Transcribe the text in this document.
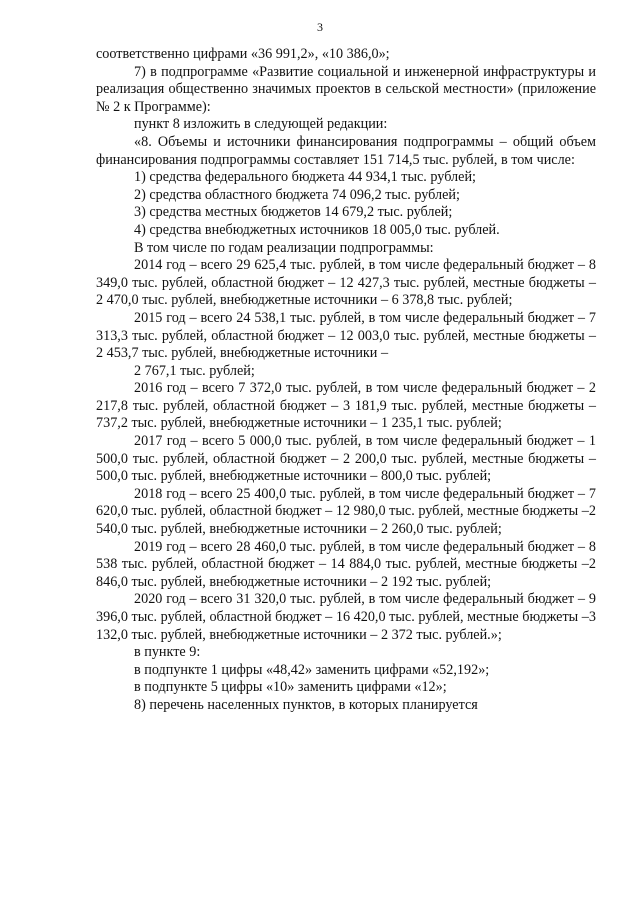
3

соответственно цифрами «36 991,2», «10 386,0»;

7) в подпрограмме «Развитие социальной и инженерной инфраструктуры и реализация общественно значимых проектов в сельской местности» (приложение № 2 к Программе):

пункт 8 изложить в следующей редакции:

«8. Объемы и источники финансирования подпрограммы – общий объем финансирования подпрограммы составляет 151 714,5 тыс. рублей, в том числе:

1) средства федерального бюджета 44 934,1 тыс. рублей;

2) средства областного бюджета 74 096,2 тыс. рублей;

3) средства местных бюджетов 14 679,2 тыс. рублей;

4) средства внебюджетных источников 18 005,0 тыс. рублей.

В том числе по годам реализации подпрограммы:

2014 год – всего 29 625,4 тыс. рублей, в том числе федеральный бюджет – 8 349,0 тыс. рублей, областной бюджет – 12 427,3 тыс. рублей, местные бюджеты – 2 470,0 тыс. рублей, внебюджетные источники – 6 378,8 тыс. рублей;

2015 год – всего 24 538,1 тыс. рублей, в том числе федеральный бюджет – 7 313,3 тыс. рублей, областной бюджет – 12 003,0 тыс. рублей, местные бюджеты – 2 453,7 тыс. рублей, внебюджетные источники –

2 767,1 тыс. рублей;

2016 год – всего 7 372,0 тыс. рублей, в том числе федеральный бюджет – 2 217,8 тыс. рублей, областной бюджет – 3 181,9 тыс. рублей, местные бюджеты – 737,2 тыс. рублей, внебюджетные источники – 1 235,1 тыс. рублей;

2017 год – всего 5 000,0 тыс. рублей, в том числе федеральный бюджет – 1 500,0 тыс. рублей, областной бюджет – 2 200,0 тыс. рублей, местные бюджеты – 500,0 тыс. рублей, внебюджетные источники – 800,0 тыс. рублей;

2018 год – всего 25 400,0 тыс. рублей, в том числе федеральный бюджет – 7 620,0 тыс. рублей, областной бюджет – 12 980,0 тыс. рублей, местные бюджеты –2 540,0 тыс. рублей, внебюджетные источники – 2 260,0 тыс. рублей;

2019 год – всего 28 460,0 тыс. рублей, в том числе федеральный бюджет – 8 538 тыс. рублей, областной бюджет – 14 884,0 тыс. рублей, местные бюджеты –2 846,0 тыс. рублей, внебюджетные источники – 2 192 тыс. рублей;

2020 год – всего 31 320,0 тыс. рублей, в том числе федеральный бюджет – 9 396,0 тыс. рублей, областной бюджет – 16 420,0 тыс. рублей, местные бюджеты –3 132,0 тыс. рублей, внебюджетные источники – 2 372 тыс. рублей.»;

в пункте 9:

в подпункте 1 цифры «48,42» заменить цифрами «52,192»;

в подпункте 5 цифры «10» заменить цифрами «12»;

8) перечень населенных пунктов, в которых планируется
